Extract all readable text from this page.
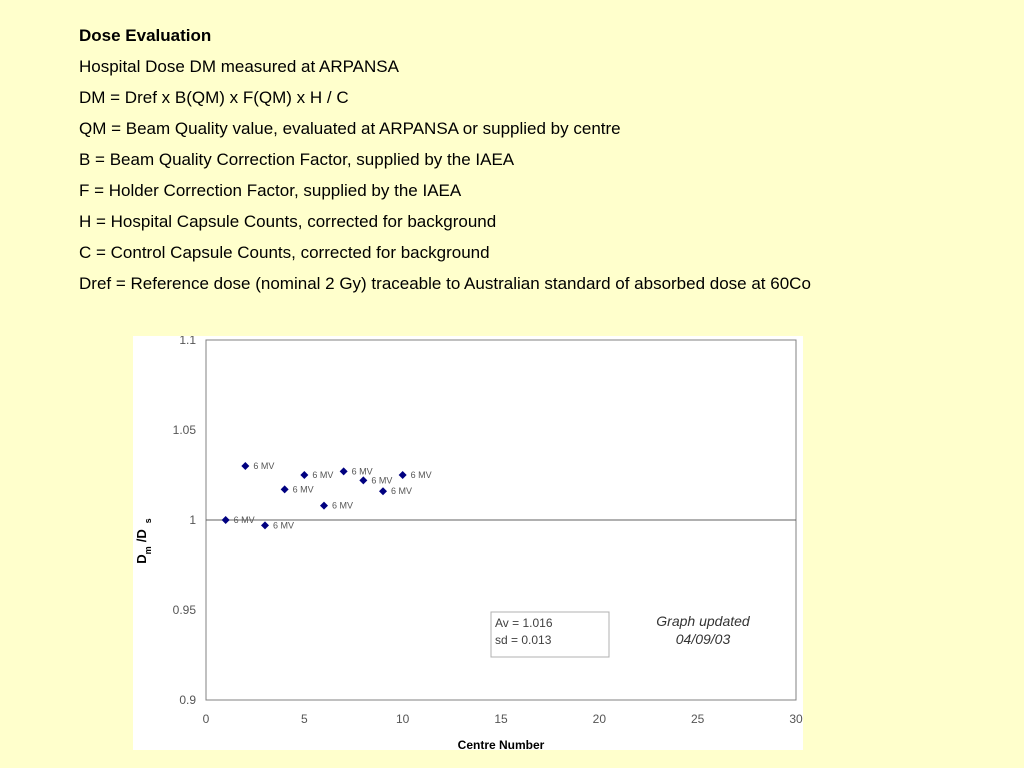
Dose Evaluation
Hospital Dose DM measured at ARPANSA
DM = Dref x B(QM) x F(QM) x H / C
QM = Beam Quality value, evaluated at ARPANSA or supplied by centre
B = Beam Quality Correction Factor, supplied by the IAEA
F = Holder Correction Factor, supplied by the IAEA
H = Hospital Capsule Counts, corrected for background
C = Control Capsule Counts, corrected for background
Dref = Reference dose (nominal 2 Gy) traceable to Australian standard of absorbed dose at 60Co
0.9
0.95
1
1.05
1.1
0	5	10	15	20	25	30
6 MV
6 MV
6 MV
6 MV
6 MV
6 MV
6 MV
6 MV
6 MV
6 MV
Centre Number
$D_m/D_s$
Av = 1.016
sd = 0.013
Graph updated
04/09/03
